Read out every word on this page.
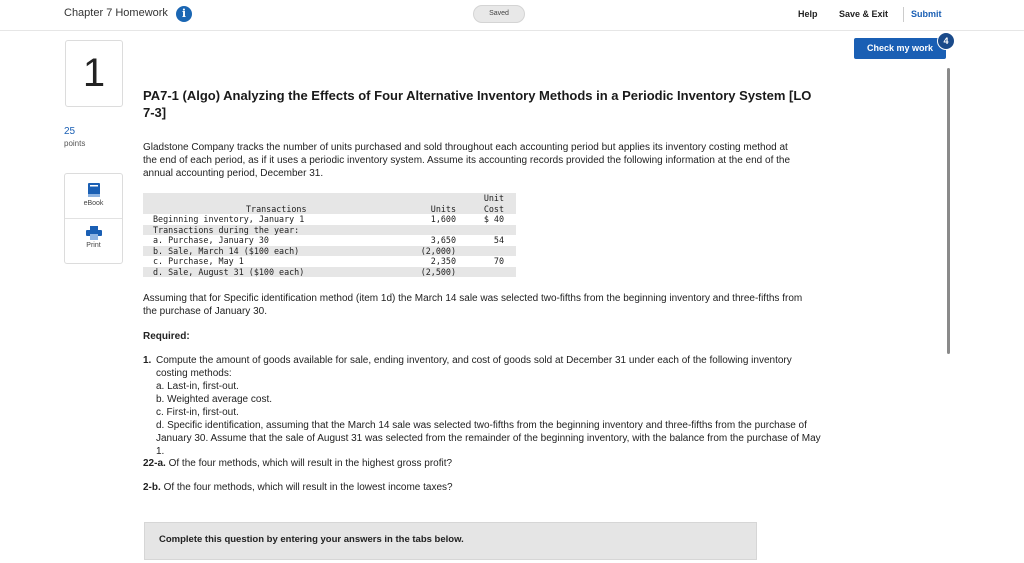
Chapter 7 Homework	i	Saved	Help Save & Exit	Submit
Check my work
4
1
25
points
eBook
Print
PA7-1 (Algo) Analyzing the Effects of Four Alternative Inventory Methods in a Periodic Inventory System [LO 7-3]
Gladstone Company tracks the number of units purchased and sold throughout each accounting period but applies its inventory costing method at the end of each period, as if it uses a periodic inventory system. Assume its accounting records provided the following information at the end of the annual accounting period, December 31.
Unit
Transactions	Units	Cost
Beginning inventory, January 1	1,600	$ 40
Transactions during the year:
a. Purchase, January 30	3,650	54
b. Sale, March 14 ($100 each)	(2,000)
c. Purchase, May 1	2,350	70
d. Sale, August 31 ($100 each)	(2,500)
Assuming that for Specific identification method (item 1d) the March 14 sale was selected two-fifths from the beginning inventory and three-fifths from the purchase of January 30.
Required:
1. Compute the amount of goods available for sale, ending inventory, and cost of goods sold at December 31 under each of the following inventory costing methods:
a. Last-in, first-out.
b. Weighted average cost.
c. First-in, first-out.
d. Specific identification, assuming that the March 14 sale was selected two-fifths from the beginning inventory and three-fifths from the purchase of January 30. Assume that the sale of August 31 was selected from the remainder of the beginning inventory, with the balance from the purchase of May 1.
22-a. Of the four methods, which will result in the highest gross profit?
2-b. Of the four methods, which will result in the lowest income taxes?
Complete this question by entering your answers in the tabs below.
